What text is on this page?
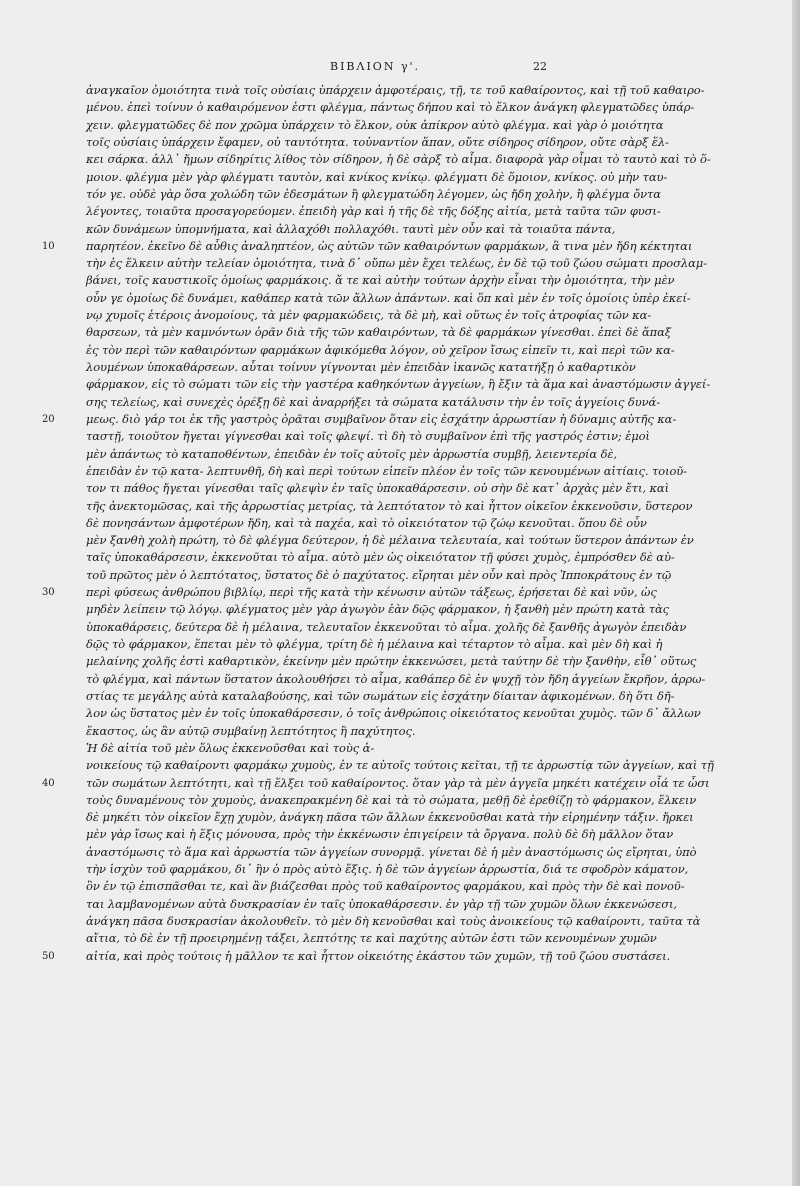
ΒΙΒΛΙΟΝ γ'.	22
ἀναγκαῖον ὁμοιότητα τινὰ τοῖς οὐσίαις ὑπάρχειν ἀμφοτέραις, τῇ, τε τοῦ καθαίροντος, καὶ τῇ τοῦ καθαιρο-
μένου. ἐπεὶ τοίνυν ὁ καθαιρόμενον ἐστι φλέγμα, πάντως δήπου καὶ τὸ ἕλκον ἀνάγκη φλεγματῶδες ὑπάρ-
χειν. φλεγματῶδες δὲ πον χρῶμα ὑπάρχειν τὸ ἕλκον, οὐκ ἀπίκρον αὐτὸ φλέγμα. καὶ γὰρ ὁ μοιότητα
τοῖς οὐσίαις ὑπάρχειν ἔφαμεν, οὐ ταυτότητα. τοὐναντίον ἅπαν, οὔτε σίδηρος σίδηρον, οὔτε σὰρξ ἕλ-
κει σάρκα. ἀλλ᾽ ἤμων σίδηρίτις λίθος τὸν σίδηρον, ἡ δὲ σὰρξ τὸ αἷμα. διαφορὰ γὰρ οἶμαι τὸ ταυτὸ καὶ τὸ ὅ-
μοιον. φλέγμα μὲν γὰρ φλέγματι ταυτὸν, καὶ κνίκος κνίκῳ. φλέγματι δὲ ὅμοιον, κνίκος. οὐ μὴν ταυ-
τόν γε. οὐδὲ γὰρ ὅσα χολώδη τῶν ἐδεσμάτων ἢ φλεγματώδη λέγομεν, ὡς ἤδη χολὴν, ἢ φλέγμα ὄντα
λέγοντες, τοιαῦτα προσαγορεύομεν. ἐπειδὴ γὰρ καὶ ἡ τῆς δὲ τῆς δόξης αἰτία, μετὰ ταῦτα τῶν φυσι-
κῶν δυνάμεων ὑπομνήματα, καὶ ἀλλαχόθι πολλαχόθι. ταυτὶ μὲν οὖν καὶ τὰ τοιαῦτα πάντα,
10	παρητέον. ἐκεῖνο δὲ αὖθις ἀναληπτέον, ὡς αὐτῶν τῶν καθαιρόντων φαρμάκων, ἃ τινα μὲν ἤδη κέκτηται
τὴν ἐς ἕλκειν αὐτὴν τελείαν ὁμοιότητα, τινὰ δ᾽ οὔπω μὲν ἔχει τελέως, ἐν δὲ τῷ τοῦ ζώου σώματι προσλαμ-
βάνει, τοῖς καυστικοῖς ὁμοίως φαρμάκοις. ἅ τε καὶ αὐτὴν τούτων ἀρχὴν εἶναι τὴν ὁμοιότητα, τὴν μὲν
οὖν γε ὁμοίως δὲ δυνάμει, καθάπερ κατὰ τῶν ἄλλων ἁπάντων. καὶ ὅπ καὶ μὲν ἐν τοῖς ὁμοίοις ὑπὲρ ἐκεί-
νῳ χυμοῖς ἑτέροις ἀνομοίους, τὰ μὲν φαρμακώδεις, τὰ δὲ μὴ, καὶ οὕτως ἐν τοῖς ἀτροφίας τῶν κα-
θαρσεων, τὰ μὲν καμνόντων ὁρᾶν διὰ τῆς τῶν καθαιρόντων, τὰ δὲ φαρμάκων γίνεσθαι. ἐπεὶ δὲ ἅπαξ
ἐς τὸν περὶ τῶν καθαιρόντων φαρμάκων ἀφικόμεθα λόγον, οὐ χεῖρον ἴσως εἰπεῖν τι, καὶ περὶ τῶν κα-
λουμένων ὑποκαθάρσεων. αὗται τοίνυν γίγνονται μὲν ἐπειδὰν ἱκανῶς κατατήξῃ ὁ καθαρτικὸν
φάρμακον, εἰς τὸ σώματι τῶν εἰς τὴν γαστέρα καθηκόντων ἀγγείων, ἢ ἔξιν τὰ ἅμα καὶ ἀναστόμωσιν ἀγγεί-
σης τελείως, καὶ συνεχὲς ὀρέξῃ δὲ καὶ ἀναρρήξει τὰ σώματα κατάλυσιν τὴν ἐν τοῖς ἀγγείοις δυνά-
20	μεως. διὸ γάρ τοι ἐκ τῆς γαστρὸς ὁρᾶται συμβαῖνον ὅταν εἰς ἐσχάτην ἀρρωστίαν ἡ δύναμις αὐτῆς κα-
ταστῇ, τοιοῦτον ἤγεται γίγνεσθαι καὶ τοῖς φλεψί. τὶ δὴ τὸ συμβαῖνον ἐπὶ τῆς γαστρός ἐστιν; ἐμοὶ
μὲν ἁπάντως τὸ καταποθέντων, ἐπειδὰν ἐν τοῖς αὐτοῖς μὲν ἀρρωστία συμβῇ, λειεντερία δὲ,
ἐπειδὰν ἐν τῷ κατα- λεπτυνθῆ, δὴ καὶ περὶ τούτων εἰπεῖν πλέον ἐν τοῖς τῶν κενουμένων αἰτίαις. τοιοῦ-
τον τι πάθος ἤγεται γίνεσθαι ταῖς φλεψὶν ἐν ταῖς ὑποκαθάρσεσιν. οὐ σὴν δὲ κατ᾽ ἀρχὰς μὲν ἔτι, καὶ
τῆς ἀνεκτομῶσας, καὶ τῆς ἀρρωστίας μετρίας, τὰ λεπτότατον τὸ καὶ ἧττον οἰκεῖον ἐκκενοῦσιν, ὕστερον
δὲ πονησάντων ἀμφοτέρων ἤδη, καὶ τὰ παχέα, καὶ τὸ οἰκειότατον τῷ ζώῳ κενοῦται. ὅπου δὲ οὖν
μὲν ξανθὴ χολὴ πρώτη, τὸ δὲ φλέγμα δεύτερον, ἡ δὲ μέλαινα τελευταία, καὶ τούτων ὕστερον ἁπάντων ἐν
ταῖς ὑποκαθάρσεσιν, ἐκκενοῦται τὸ αἷμα. αὐτὸ μὲν ὡς οἰκειότατον τῇ φύσει χυμὸς, ἐμπρόσθεν δὲ αὐ-
τοῦ πρῶτος μὲν ὁ λεπτότατος, ὕστατος δὲ ὁ παχύτατος. εἴρηται μὲν οὖν καὶ πρὸς Ἱπποκράτους ἐν τῷ
30	περὶ φύσεως ἀνθρώπου βιβλίῳ, περὶ τῆς κατὰ τὴν κένωσιν αὐτῶν τάξεως, ἐρήσεται δὲ καὶ νῦν, ὡς
μηδὲν λείπειν τῷ λόγῳ. φλέγματος μὲν γὰρ ἀγωγὸν ἐὰν δῷς φάρμακον, ἡ ξανθὴ μὲν πρώτη κατὰ τὰς
ὑποκαθάρσεις, δεύτερα δὲ ἡ μέλαινα, τελευταῖον ἐκκενοῦται τὸ αἷμα. χολῆς δὲ ξανθῆς ἀγωγὸν ἐπειδὰν
δῷς τὸ φάρμακον, ἕπεται μὲν τὸ φλέγμα, τρίτη δὲ ἡ μέλαινα καὶ τέταρτον τὸ αἷμα. καὶ μὲν δὴ καὶ ἡ
μελαίνης χολῆς ἐστὶ καθαρτικὸν, ἐκείνην μὲν πρώτην ἐκκενώσει, μετὰ ταύτην δὲ τὴν ξανθὴν, εἶθ᾽ οὕτως
τὸ φλέγμα, καὶ πάντων ὕστατον ἀκολουθήσει τὸ αἷμα, καθάπερ δὲ ἐν ψυχῇ τὸν ἤδη ἀγγείων ἔκρῆον, ἀρρω-
στίας τε μεγάλης αὐτὰ καταλαβούσης, καὶ τῶν σωμάτων εἰς ἐσχάτην δίαιταν ἀφικομένων. δὴ ὅτι δῆ-
λον ὡς ὕστατος μὲν ἐν τοῖς ὑποκαθάρσεσιν, ὁ τοῖς ἀνθρώποις οἰκειότατος κενοῦται χυμὸς. τῶν δ᾽ ἄλλων
ἕκαστος, ὡς ἂν αὐτῷ συμβαίνῃ λεπτότητος ἢ παχύτητος.
Ἡ δὲ αἰτία τοῦ μὲν ὅλως ἐκκενοῦσθαι καὶ τοὺς ἀ-
νοικείους τῷ καθαίροντι φαρμάκῳ χυμοὺς, ἐν τε αὐτοῖς τούτοις κεῖται, τῇ τε ἀρρωστίᾳ τῶν ἀγγείων, καὶ τῇ
40	τῶν σωμάτων λεπτότητι, καὶ τῇ ἕλξει τοῦ καθαίροντος. ὅταν γὰρ τὰ μὲν ἀγγεῖα μηκέτι κατέχειν οἷά τε ὦσι
τοὺς δυναμένους τὸν χυμοὺς, ἀνακεπρακμένη δὲ καὶ τὰ τὸ σώματα, μεθῇ δὲ ἐρεθίζῃ τὸ φάρμακον, ἕλκειν
δὲ μηκέτι τὸν οἰκεῖον ἔχῃ χυμὸν, ἀνάγκη πᾶσα τῶν ἄλλων ἐκκενοῦσθαι κατὰ τὴν εἰρημένην τάξιν. ἤρκει
μὲν γὰρ ἴσως καὶ ἡ ἕξις μόνουσα, πρὸς τὴν ἐκκένωσιν ἐπιγείρειν τὰ ὄργανα. πολὺ δὲ δὴ μᾶλλον ὅταν
ἀναστόμωσις τὸ ἅμα καὶ ἀρρωστία τῶν ἀγγείων συνορμᾷ. γίνεται δὲ ἡ μὲν ἀναστόμωσις ὡς εἴρηται, ὑπὸ
τὴν ἰσχὺν τοῦ φαρμάκου, δι᾽ ἣν ὁ πρὸς αὐτὸ ἕξις. ἡ δὲ τῶν ἀγγείων ἀρρωστία, διά τε σφοδρὸν κάματον,
ὃν ἐν τῷ ἐπισπᾶσθαι τε, καὶ ἂν βιάζεσθαι πρὸς τοῦ καθαίροντος φαρμάκου, καὶ πρὸς τὴν δὲ καὶ πονοῦ-
ται λαμβανομένων αὐτὰ δυσκρασίαν ἐν ταῖς ὑποκαθάρσεσιν. ἐν γὰρ τῇ τῶν χυμῶν ὅλων ἐκκενώσεσι,
ἀνάγκη πᾶσα δυσκρασίαν ἀκολουθεῖν. τὸ μὲν δὴ κενοῦσθαι καὶ τοὺς ἀνοικείους τῷ καθαίροντι, ταῦτα τὰ
αἴτια, τὸ δὲ ἐν τῇ προειρημένῃ τάξει, λεπτότης τε καὶ παχύτης αὐτῶν ἐστι τῶν κενουμένων χυμῶν
50	αἰτία, καὶ πρὸς τούτοις ἡ μᾶλλον τε καὶ ἧττον οἰκειότης ἐκάστου τῶν χυμῶν, τῇ τοῦ ζώου συστάσει.
